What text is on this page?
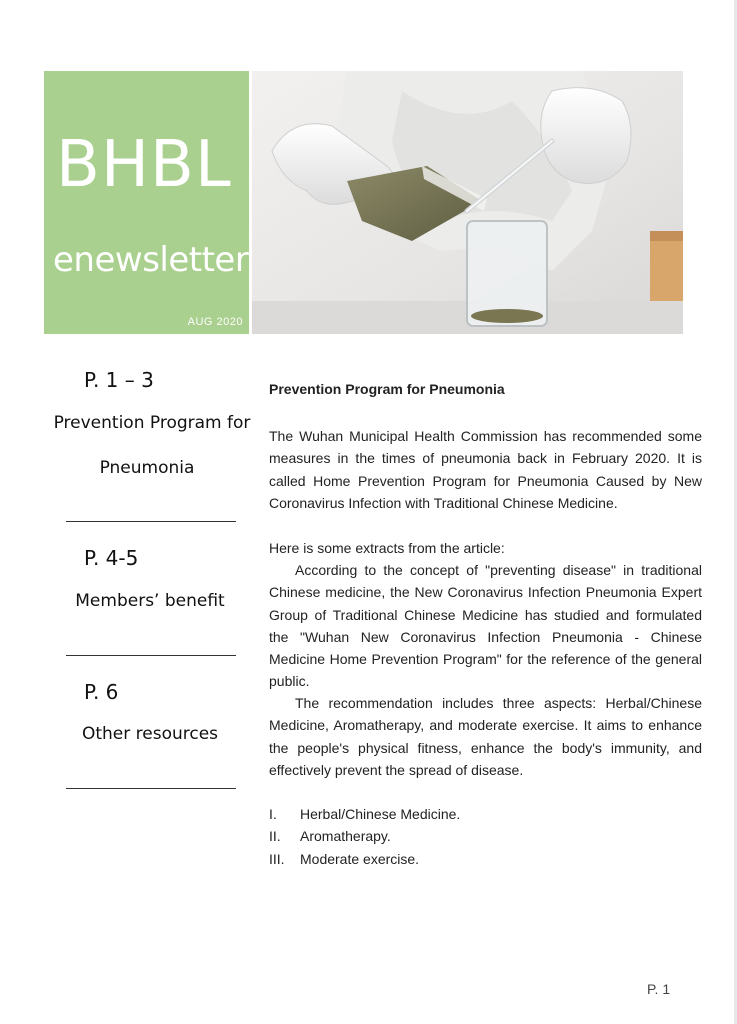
BHBL
enewsletter
AUG 2020
P. 1 – 3
Prevention Program for
Pneumonia
P. 4-5
Members’ benefit
P. 6
Other resources
Prevention Program for Pneumonia
The Wuhan Municipal Health Commission has recommended some measures in the times of pneumonia back in February 2020. It is called Home Prevention Program for Pneumonia Caused by New Coronavirus Infection with Traditional Chinese Medicine.
Here is some extracts from the article:
According to the concept of "preventing disease" in traditional Chinese medicine, the New Coronavirus Infection Pneumonia Expert Group of Traditional Chinese Medicine has studied and formulated the "Wuhan New Coronavirus Infection Pneumonia - Chinese Medicine Home Prevention Program" for the reference of the general public.
The recommendation includes three aspects: Herbal/Chinese Medicine, Aromatherapy, and moderate exercise. It aims to enhance the people's physical fitness, enhance the body's immunity, and effectively prevent the spread of disease.
I.	Herbal/Chinese Medicine.
II.	Aromatherapy.
III.	Moderate exercise.
P. 1
